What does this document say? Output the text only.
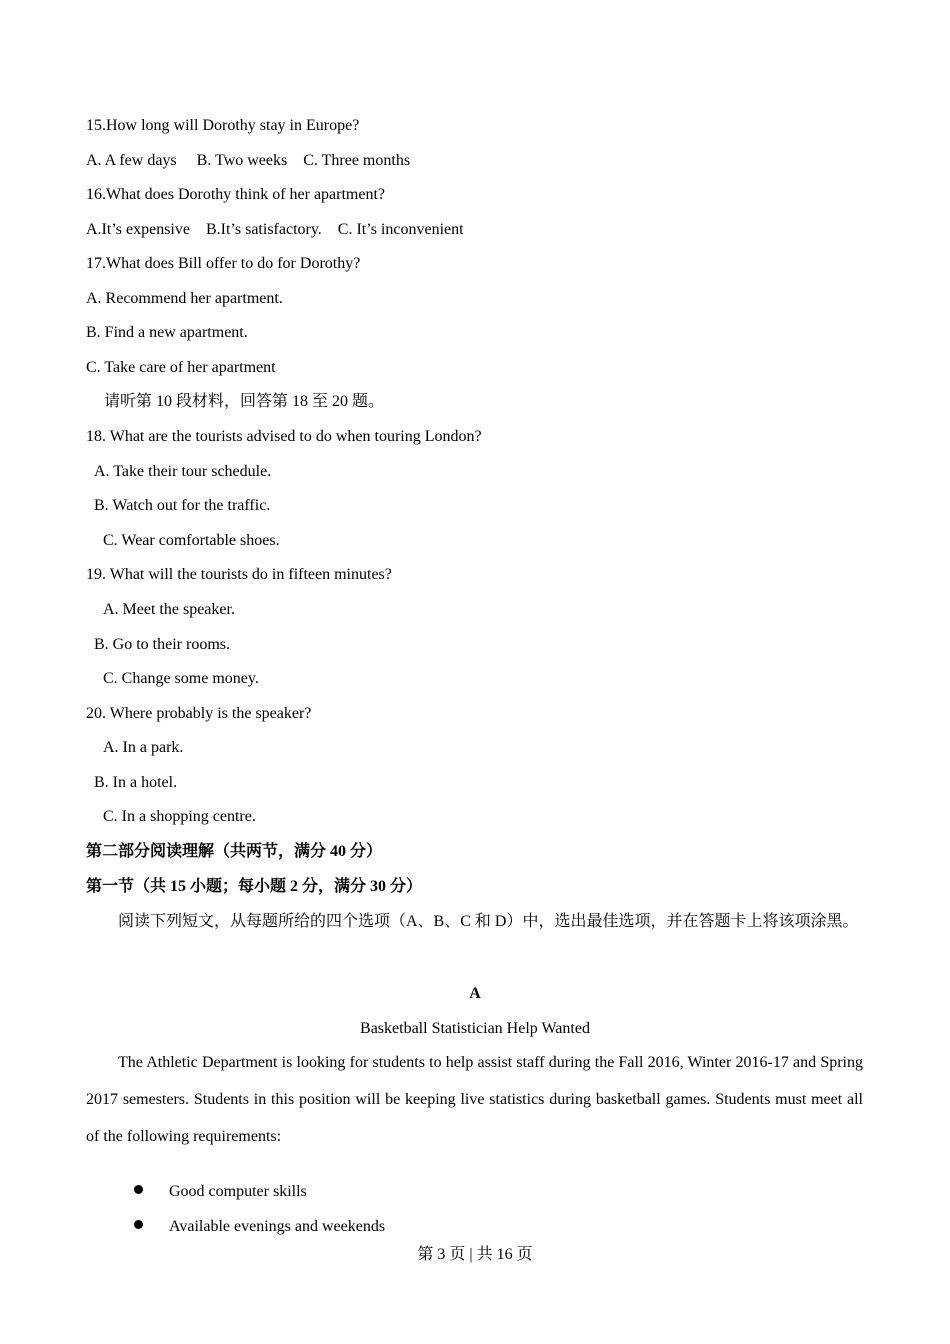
15.How long will Dorothy stay in Europe?
A. A few days     B. Two weeks    C. Three months
16.What does Dorothy think of her apartment?
A.It’s expensive    B.It’s satisfactory.    C. It’s inconvenient
17.What does Bill offer to do for Dorothy?
A. Recommend her apartment.
B. Find a new apartment.
C. Take care of her apartment
请听第 10 段材料，回答第 18 至 20 题。
18. What are the tourists advised to do when touring London?
A. Take their tour schedule.
B. Watch out for the traffic.
C. Wear comfortable shoes.
19. What will the tourists do in fifteen minutes?
A. Meet the speaker.
B. Go to their rooms.
C. Change some money.
20. Where probably is the speaker?
A. In a park.
B. In a hotel.
C. In a shopping centre.
第二部分阅读理解（共两节，满分 40 分）
第一节（共 15 小题；每小题 2 分，满分 30 分）
阅读下列短文，从每题所给的四个选项（A、B、C 和 D）中，选出最佳选项，并在答题卡上将该项涂黑。
A
Basketball Statistician Help Wanted
The Athletic Department is looking for students to help assist staff during the Fall 2016, Winter 2016-17 and Spring 2017 semesters. Students in this position will be keeping live statistics during basketball games. Students must meet all of the following requirements:

Good computer skills

Available evenings and weekends

第 3 页 | 共 16 页
